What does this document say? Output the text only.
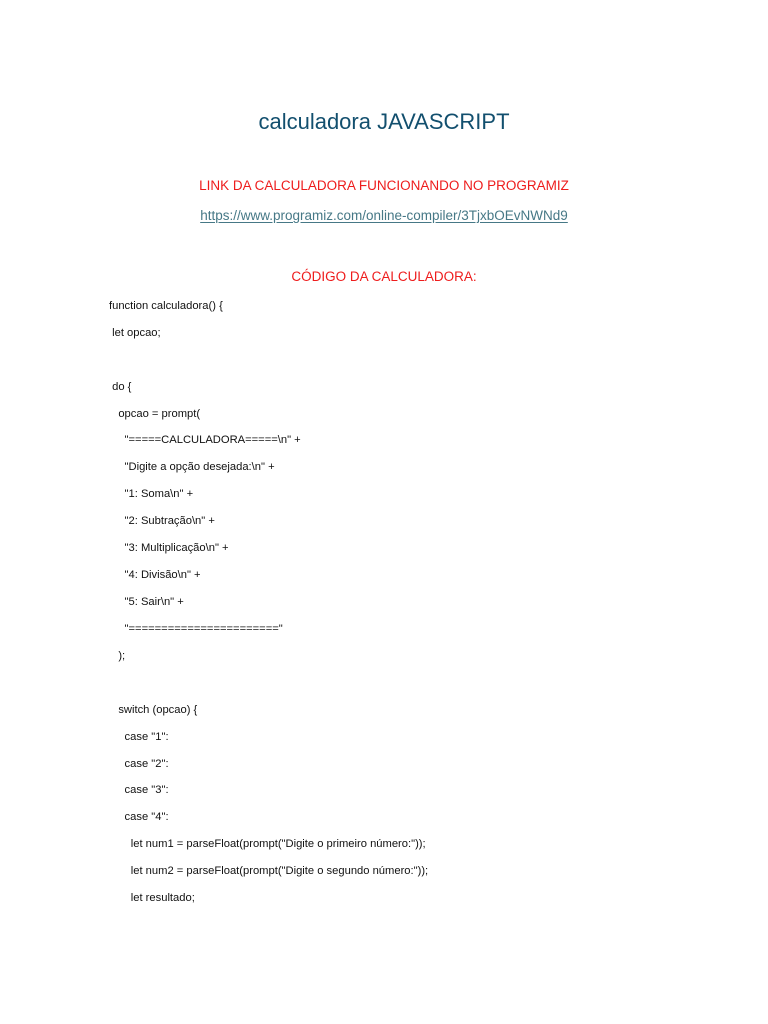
calculadora JAVASCRIPT
LINK DA CALCULADORA FUNCIONANDO NO PROGRAMIZ
https://www.programiz.com/online-compiler/3TjxbOEvNWNd9
CÓDIGO DA CALCULADORA:
function calculadora() {
let opcao;
do {
opcao = prompt(
"=====CALCULADORA=====\n" +
"Digite a opção desejada:\n" +
"1: Soma\n" +
"2: Subtração\n" +
"3: Multiplicação\n" +
"4: Divisão\n" +
"5: Sair\n" +
"======================="
);
switch (opcao) {
case "1":
case "2":
case "3":
case "4":
let num1 = parseFloat(prompt("Digite o primeiro número:"));
let num2 = parseFloat(prompt("Digite o segundo número:"));
let resultado;
